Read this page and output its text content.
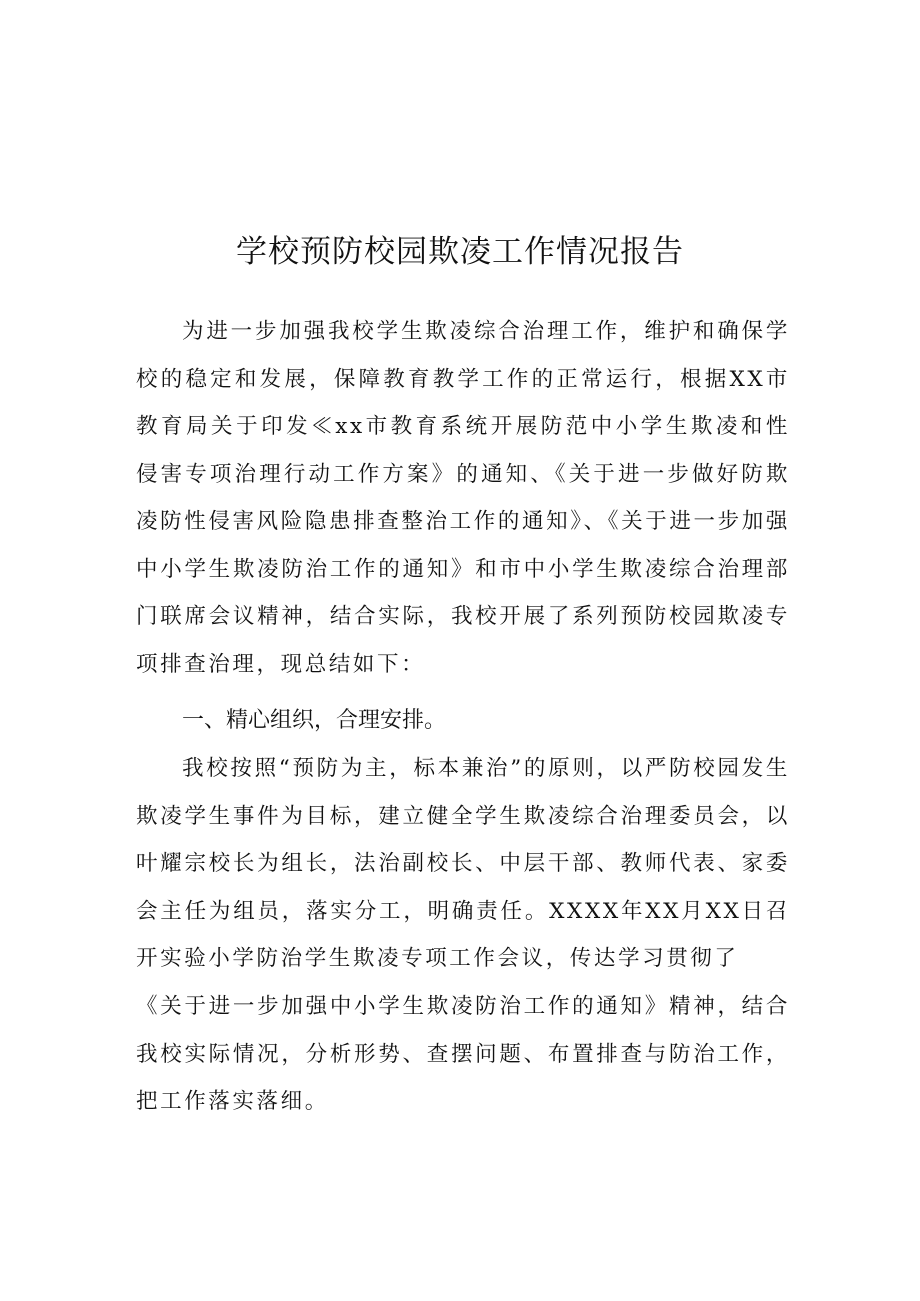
学校预防校园欺凌工作情况报告

为进一步加强我校学生欺凌综合治理工作，维护和确保学校的稳定和发展，保障教育教学工作的正常运行，根据XX市教育局关于印发≪xx市教育系统开展防范中小学生欺凌和性侵害专项治理行动工作方案》的通知、《关于进一步做好防欺凌防性侵害风险隐患排查整治工作的通知》、《关于进一步加强中小学生欺凌防治工作的通知》和市中小学生欺凌综合治理部门联席会议精神，结合实际，我校开展了系列预防校园欺凌专项排查治理，现总结如下：

一、精心组织，合理安排。

我校按照“预防为主，标本兼治”的原则，以严防校园发生欺凌学生事件为目标，建立健全学生欺凌综合治理委员会，以叶耀宗校长为组长，法治副校长、中层干部、教师代表、家委会主任为组员，落实分工，明确责任。XXXX年XX月XX日召开实验小学防治学生欺凌专项工作会议，传达学习贯彻了

《关于进一步加强中小学生欺凌防治工作的通知》精神，结合我校实际情况，分析形势、查摆问题、布置排查与防治工作，把工作落实落细。
